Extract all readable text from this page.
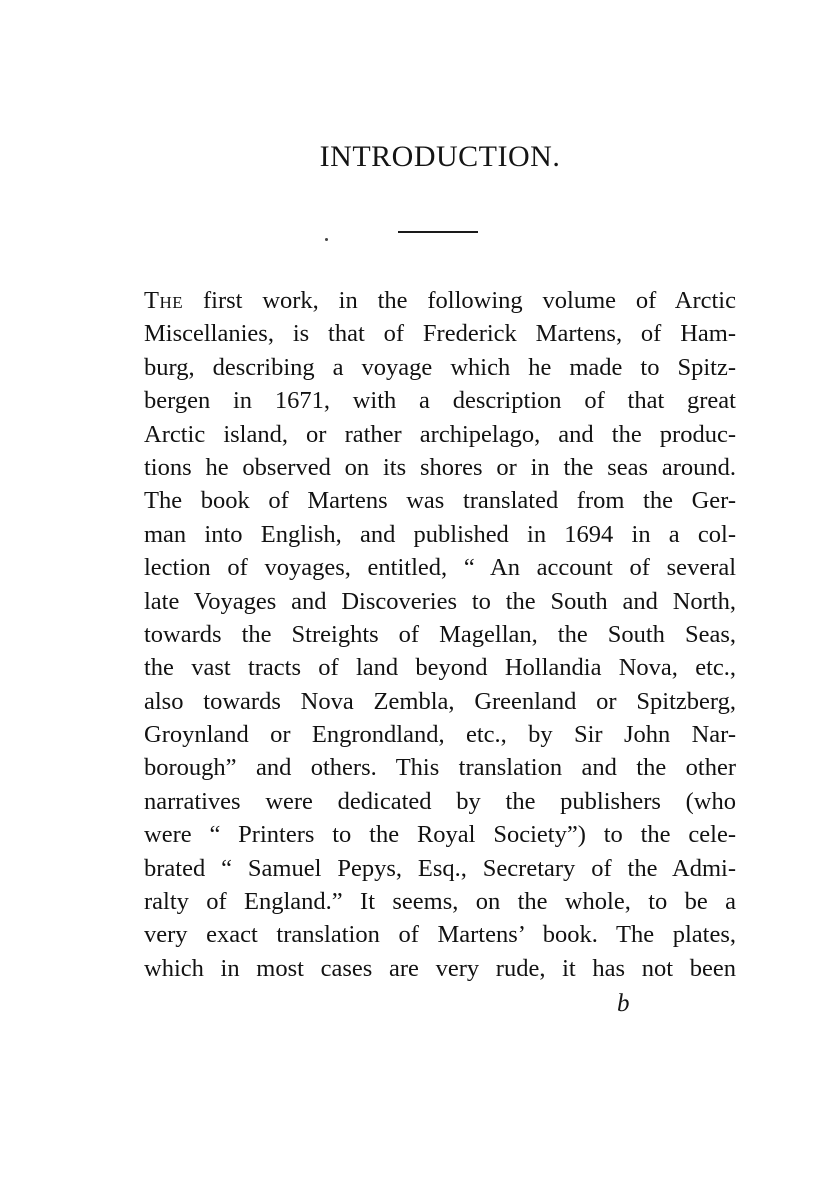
INTRODUCTION.
The first work, in the following volume of Arctic
Miscellanies, is that of Frederick Martens, of Ham-
burg, describing a voyage which he made to Spitz-
bergen in 1671, with a description of that great
Arctic island, or rather archipelago, and the produc-
tions he observed on its shores or in the seas around.
The book of Martens was translated from the Ger-
man into English, and published in 1694 in a col-
lection of voyages, entitled, “ An account of several
late Voyages and Discoveries to the South and North,
towards the Streights of Magellan, the South Seas,
the vast tracts of land beyond Hollandia Nova, etc.,
also towards Nova Zembla, Greenland or Spitzberg,
Groynland or Engrondland, etc., by Sir John Nar-
borough” and others. This translation and the other
narratives were dedicated by the publishers (who
were “ Printers to the Royal Society”) to the cele-
brated “ Samuel Pepys, Esq., Secretary of the Admi-
ralty of England.” It seems, on the whole, to be a
very exact translation of Martens’ book. The plates,
which in most cases are very rude, it has not been
b
